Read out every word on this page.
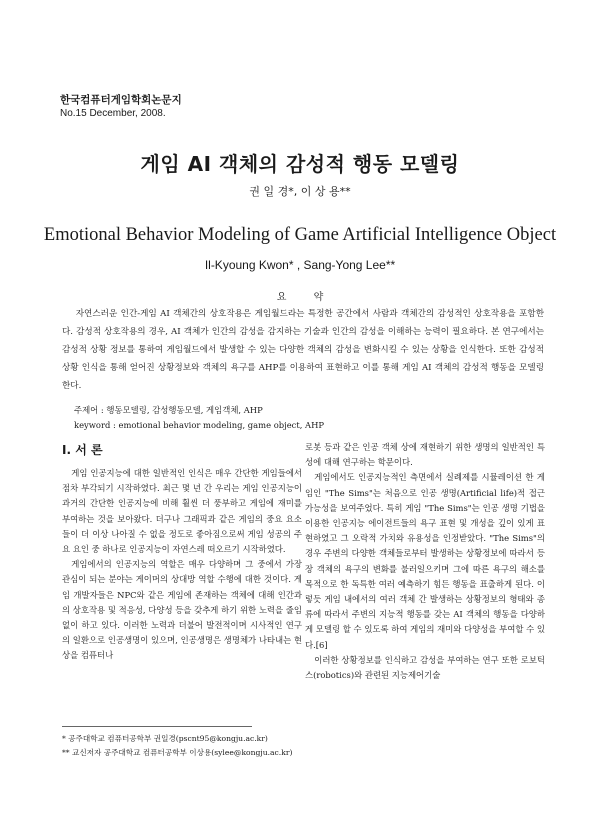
한국컴퓨터게임학회논문지
No.15 December, 2008.
게임 AI 객체의 감성적 행동 모델링
권 일 경*, 이 상 용**
Emotional Behavior Modeling of Game Artificial Intelligence Object
Il-Kyoung Kwon* , Sang-Yong Lee**
요 약
자연스러운 인간-게임 AI 객체간의 상호작용은 게임월드라는 특정한 공간에서 사람과 객체간의 감성적인 상호작용을 포함한다. 감성적 상호작용의 경우, AI 객체가 인간의 감성을 감지하는 기술과 인간의 감성을 이해하는 능력이 필요하다. 본 연구에서는 감성적 상황 정보를 통하여 게임월드에서 발생할 수 있는 다양한 객체의 감성을 변화시킬 수 있는 상황을 인식한다. 또한 감성적 상황 인식을 통해 얻어진 상황정보와 객체의 욕구를 AHP를 이용하여 표현하고 이를 통해 게임 AI 객체의 감성적 행동을 모델링한다.
주제어 : 행동모델링, 감성행동모델, 게임객체, AHP
keyword : emotional behavior modeling, game object, AHP
Ⅰ. 서 론

게임 인공지능에 대한 일반적인 인식은 매우 간단한 게임들에서 점차 부각되기 시작하였다. 최근 몇 년 간 우리는 게임 인공지능이 과거의 간단한 인공지능에 비해 훨씬 더 풍부하고 게임에 재미를 부여하는 것을 보아왔다. 더구나 그래픽과 같은 게임의 중요 요소들이 더 이상 나아질 수 없을 정도로 좋아짐으로써 게임 성공의 주요 요인 중 하나로 인공지능이 자연스레 떠오르기 시작하였다.

게임에서의 인공지능의 역할은 매우 다양하며 그 중에서 가장 관심이 되는 분야는 게이머의 상대방 역할 수행에 대한 것이다. 게임 개발자들은 NPC와 같은 게임에 존재하는 객체에 대해 인간과의 상호작용 및 적응성, 다양성 등을 갖추게 하기 위한 노력을 줄임없이 하고 있다. 이러한 노력과 더불어 발전적이며 시사적인 연구의 일환으로 인공생명이 있으며, 인공생명은 생명체가 나타내는 현상을 컴퓨터나

로봇 등과 같은 인공 객체 상에 재현하기 위한 생명의 일반적인 특성에 대해 연구하는 학문이다.

게임에서도 인공지능적인 측면에서 실례제를 시뮬레이션 한 게임인 "The Sims"는 처음으로 인공 생명(Artificial life)적 접근 가능성을 보여주었다. 특히 게임 "The Sims"는 인공 생명 기법을 이용한 인공지능 에이전트들의 욕구 표현 및 개성을 깊이 있게 표현하였고 그 오락적 가치와 유용성을 인정받았다. "The Sims"의 경우 주변의 다양한 객체들로부터 발생하는 상황정보에 따라서 등장 객체의 욕구의 변화를 불러일으키며 그에 따른 욕구의 해소를 목적으로 한 독특한 여러 예측하기 힘든 행동을 표출하게 된다. 이렇듯 게임 내에서의 여러 객체 간 발생하는 상황정보의 형태와 종류에 따라서 주변의 지능적 행동를 갖는 AI 객체의 행동을 다양하게 모델링 할 수 있도록 하여 게임의 재미와 다양성을 부여할 수 있다.[6]

이러한 상황정보를 인식하고 감성을 부여하는 연구 또한 로보틱스(robotics)와 관련된 지능제어기술

* 공주대학교 컴퓨터공학부 권일경(pscnt95@kongju.ac.kr)
** 교신저자 공주대학교 컴퓨터공학부 이상용(sylee@kongju.ac.kr)
